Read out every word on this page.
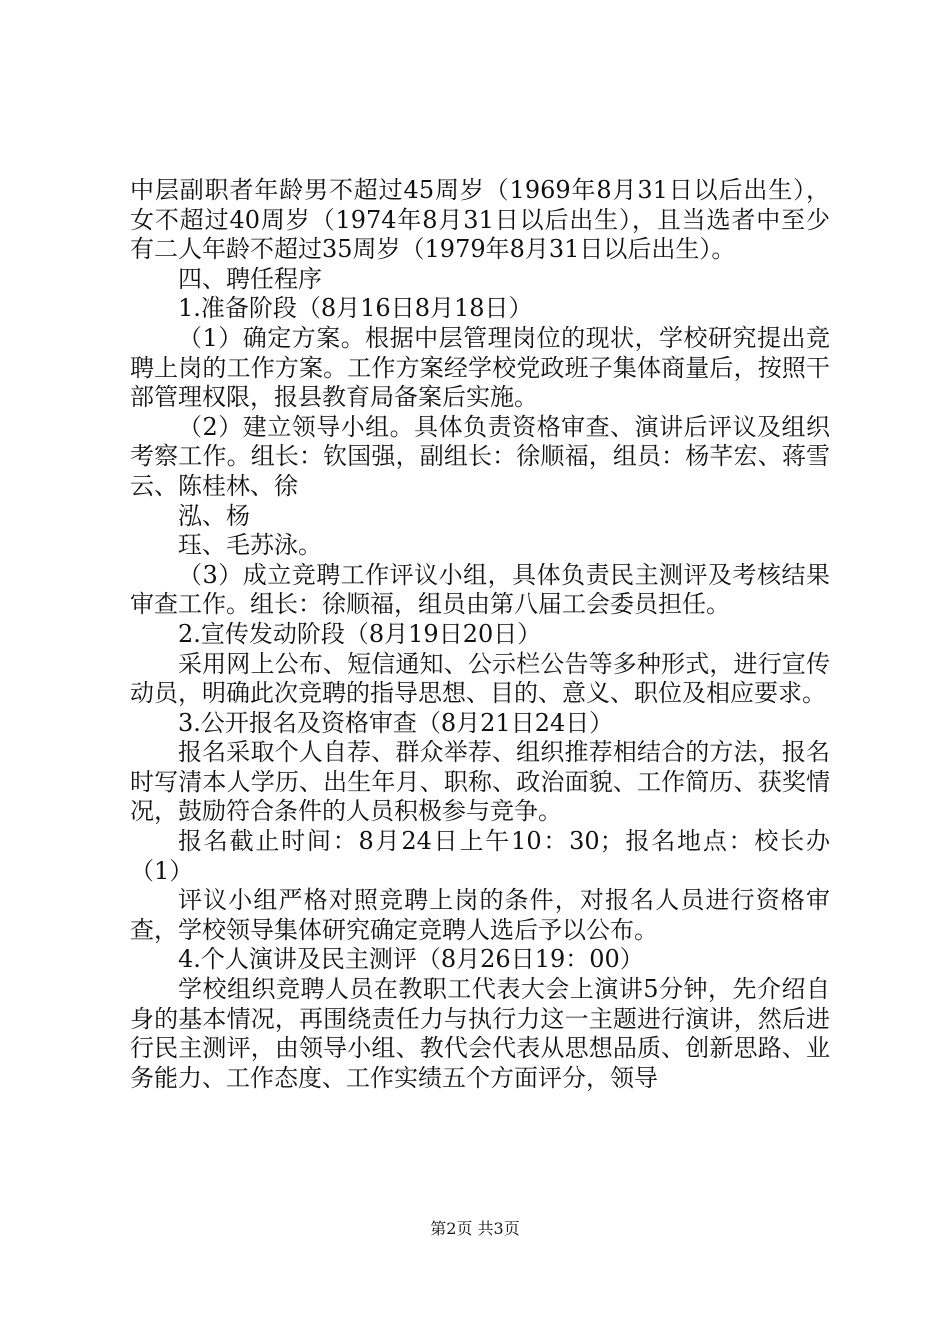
中层副职者年龄男不超过45周岁（1969年8月31日以后出生），女不超过40周岁（1974年8月31日以后出生），且当选者中至少有二人年龄不超过35周岁（1979年8月31日以后出生）。

四、聘任程序

1.准备阶段（8月16日8月18日）

（1）确定方案。根据中层管理岗位的现状，学校研究提出竞聘上岗的工作方案。工作方案经学校党政班子集体商量后，按照干部管理权限，报县教育局备案后实施。

（2）建立领导小组。具体负责资格审查、演讲后评议及组织考察工作。组长：钦国强，副组长：徐顺福，组员：杨芊宏、蒋雪云、陈桂林、徐

泓、杨

珏、毛苏泳。

（3）成立竞聘工作评议小组，具体负责民主测评及考核结果审查工作。组长：徐顺福，组员由第八届工会委员担任。

2.宣传发动阶段（8月19日20日）

采用网上公布、短信通知、公示栏公告等多种形式，进行宣传动员，明确此次竞聘的指导思想、目的、意义、职位及相应要求。

3.公开报名及资格审查（8月21日24日）

报名采取个人自荐、群众举荐、组织推荐相结合的方法，报名时写清本人学历、出生年月、职称、政治面貌、工作简历、获奖情况，鼓励符合条件的人员积极参与竞争。

报名截止时间：8月24日上午10：30；报名地点：校长办（1）

评议小组严格对照竞聘上岗的条件，对报名人员进行资格审查，学校领导集体研究确定竞聘人选后予以公布。

4.个人演讲及民主测评（8月26日19：00）

学校组织竞聘人员在教职工代表大会上演讲5分钟，先介绍自身的基本情况，再围绕责任力与执行力这一主题进行演讲，然后进行民主测评，由领导小组、教代会代表从思想品质、创新思路、业务能力、工作态度、工作实绩五个方面评分，领导

第2页 共3页
